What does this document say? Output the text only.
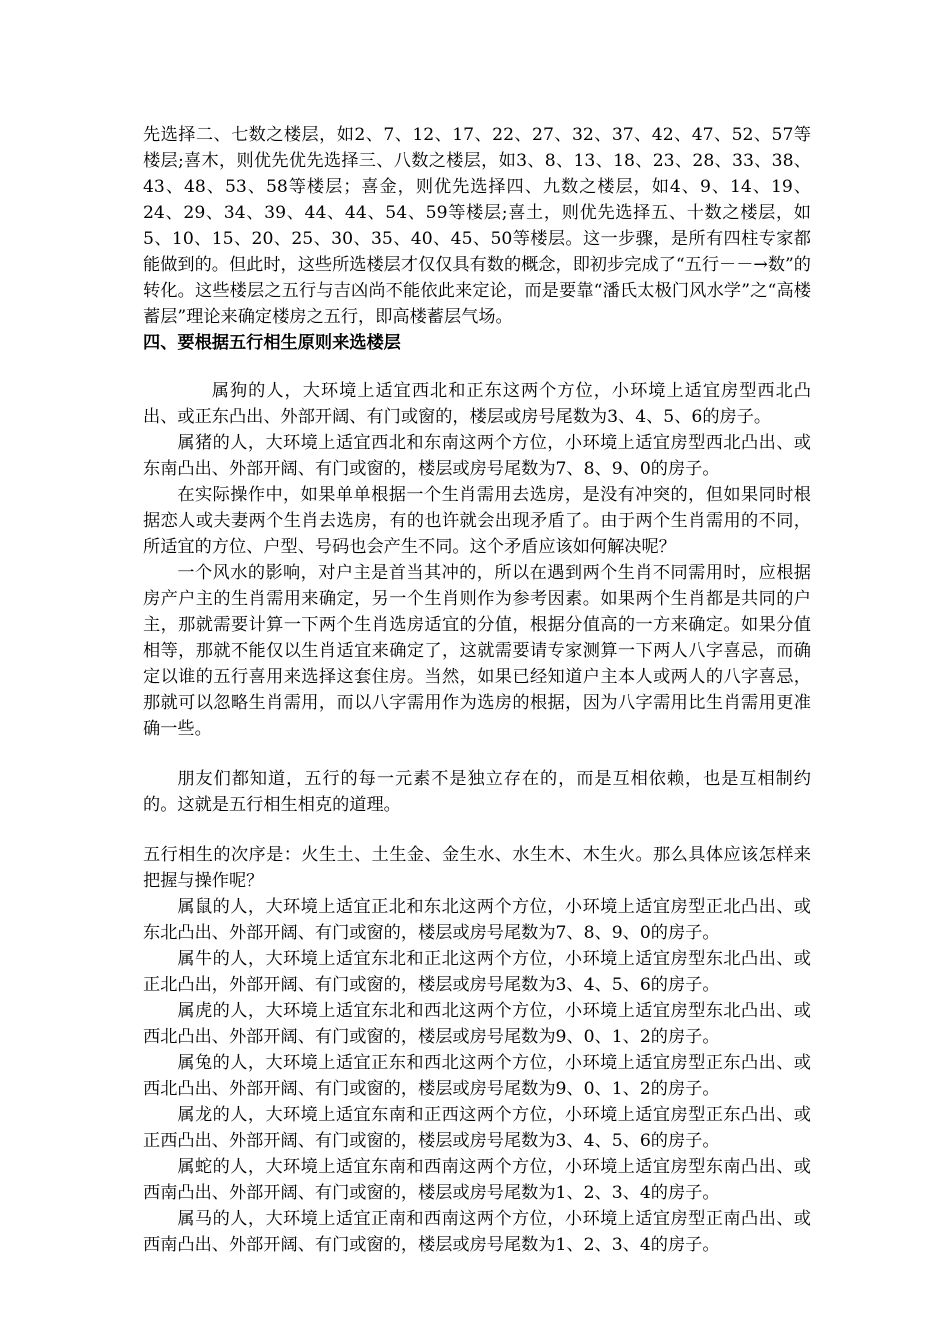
先选择二、七数之楼层，如2、7、12、17、22、27、32、37、42、47、52、57等楼层;喜木，则优先优先选择三、八数之楼层，如3、8、13、18、23、28、33、38、43、48、53、58等楼层；喜金，则优先选择四、九数之楼层，如4、9、14、19、24、29、34、39、44、44、54、59等楼层;喜土，则优先选择五、十数之楼层，如5、10、15、20、25、30、35、40、45、50等楼层。这一步骤，是所有四柱专家都能做到的。但此时，这些所选楼层才仅仅具有数的概念，即初步完成了“五行－－→数”的转化。这些楼层之五行与吉凶尚不能依此来定论，而是要靠“潘氏太极门风水学”之“高楼蓄层”理论来确定楼房之五行，即高楼蓄层气场。

四、要根据五行相生原则来选楼层

属狗的人，大环境上适宜西北和正东这两个方位，小环境上适宜房型西北凸出、或正东凸出、外部开阔、有门或窗的，楼层或房号尾数为3、4、5、6的房子。

属猪的人，大环境上适宜西北和东南这两个方位，小环境上适宜房型西北凸出、或东南凸出、外部开阔、有门或窗的，楼层或房号尾数为7、8、9、0的房子。

在实际操作中，如果单单根据一个生肖需用去选房，是没有冲突的，但如果同时根据恋人或夫妻两个生肖去选房，有的也许就会出现矛盾了。由于两个生肖需用的不同，所适宜的方位、户型、号码也会产生不同。这个矛盾应该如何解决呢？

一个风水的影响，对户主是首当其冲的，所以在遇到两个生肖不同需用时，应根据房产户主的生肖需用来确定，另一个生肖则作为参考因素。如果两个生肖都是共同的户主，那就需要计算一下两个生肖选房适宜的分值，根据分值高的一方来确定。如果分值相等，那就不能仅以生肖适宜来确定了，这就需要请专家测算一下两人八字喜忌，而确定以谁的五行喜用来选择这套住房。当然，如果已经知道户主本人或两人的八字喜忌，那就可以忽略生肖需用，而以八字需用作为选房的根据，因为八字需用比生肖需用更准确一些。

朋友们都知道，五行的每一元素不是独立存在的，而是互相依赖，也是互相制约的。这就是五行相生相克的道理。

五行相生的次序是：火生土、土生金、金生水、水生木、木生火。那么具体应该怎样来把握与操作呢？

属鼠的人，大环境上适宜正北和东北这两个方位，小环境上适宜房型正北凸出、或东北凸出、外部开阔、有门或窗的，楼层或房号尾数为7、8、9、0的房子。

属牛的人，大环境上适宜东北和正北这两个方位，小环境上适宜房型东北凸出、或正北凸出，外部开阔、有门或窗的，楼层或房号尾数为3、4、5、6的房子。

属虎的人，大环境上适宜东北和西北这两个方位，小环境上适宜房型东北凸出、或西北凸出、外部开阔、有门或窗的，楼层或房号尾数为9、0、1、2的房子。

属兔的人，大环境上适宜正东和西北这两个方位，小环境上适宜房型正东凸出、或西北凸出、外部开阔、有门或窗的，楼层或房号尾数为9、0、1、2的房子。

属龙的人，大环境上适宜东南和正西这两个方位，小环境上适宜房型正东凸出、或正西凸出、外部开阔、有门或窗的，楼层或房号尾数为3、4、5、6的房子。

属蛇的人，大环境上适宜东南和西南这两个方位，小环境上适宜房型东南凸出、或西南凸出、外部开阔、有门或窗的，楼层或房号尾数为1、2、3、4的房子。

属马的人，大环境上适宜正南和西南这两个方位，小环境上适宜房型正南凸出、或西南凸出、外部开阔、有门或窗的，楼层或房号尾数为1、2、3、4的房子。
